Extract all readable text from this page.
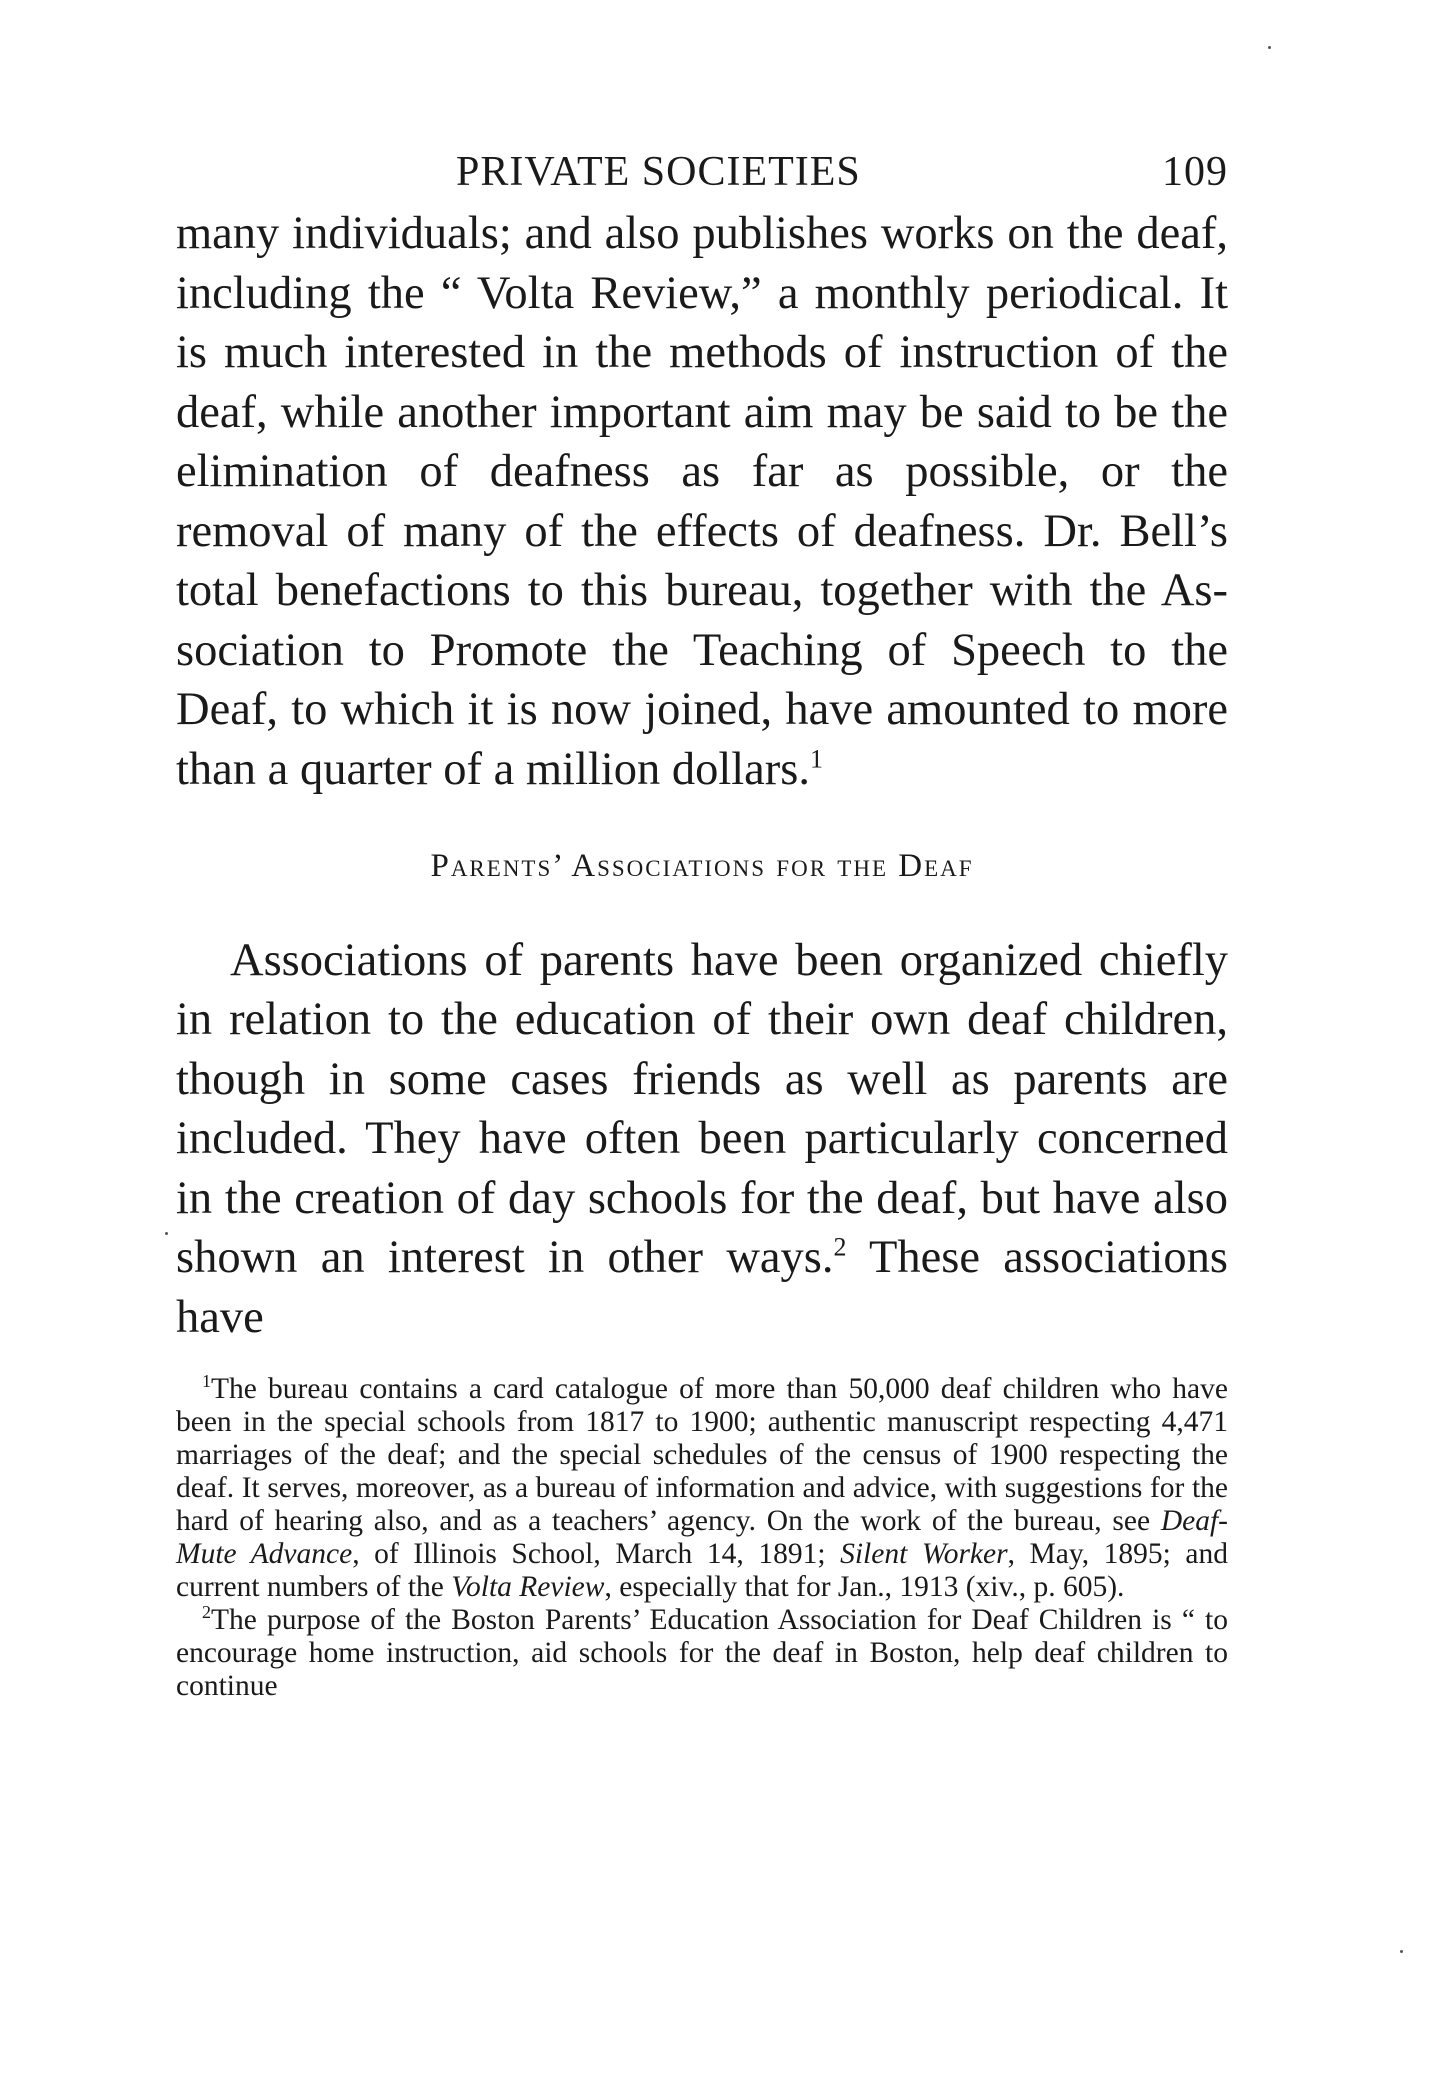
PRIVATE SOCIETIES	109

many individuals; and also publishes works on the deaf, including the “ Volta Review,” a monthly periodical. It is much interested in the methods of instruction of the deaf, while another important aim may be said to be the elimination of deafness as far as possible, or the removal of many of the effects of deafness. Dr. Bell’s total benefactions to this bureau, together with the Association to Promote the Teaching of Speech to the Deaf, to which it is now joined, have amounted to more than a quarter of a million dollars.$^1$

Parents’ Associations for the Deaf

Associations of parents have been organized chiefly in relation to the education of their own deaf children, though in some cases friends as well as parents are included. They have often been particularly concerned in the creation of day schools for the deaf, but have also shown an interest in other ways.$^2$ These associations have

$^1$The bureau contains a card catalogue of more than 50,000 deaf children who have been in the special schools from 1817 to 1900; authentic manuscript respecting 4,471 marriages of the deaf; and the special schedules of the census of 1900 respecting the deaf. It serves, moreover, as a bureau of information and advice, with suggestions for the hard of hearing also, and as a teachers’ agency. On the work of the bureau, see Deaf-Mute Advance, of Illinois School, March 14, 1891; Silent Worker, May, 1895; and current numbers of the Volta Review, especially that for Jan., 1913 (xiv., p. 605).

$^2$The purpose of the Boston Parents’ Education Association for Deaf Children is “ to encourage home instruction, aid schools for the deaf in Boston, help deaf children to continue
